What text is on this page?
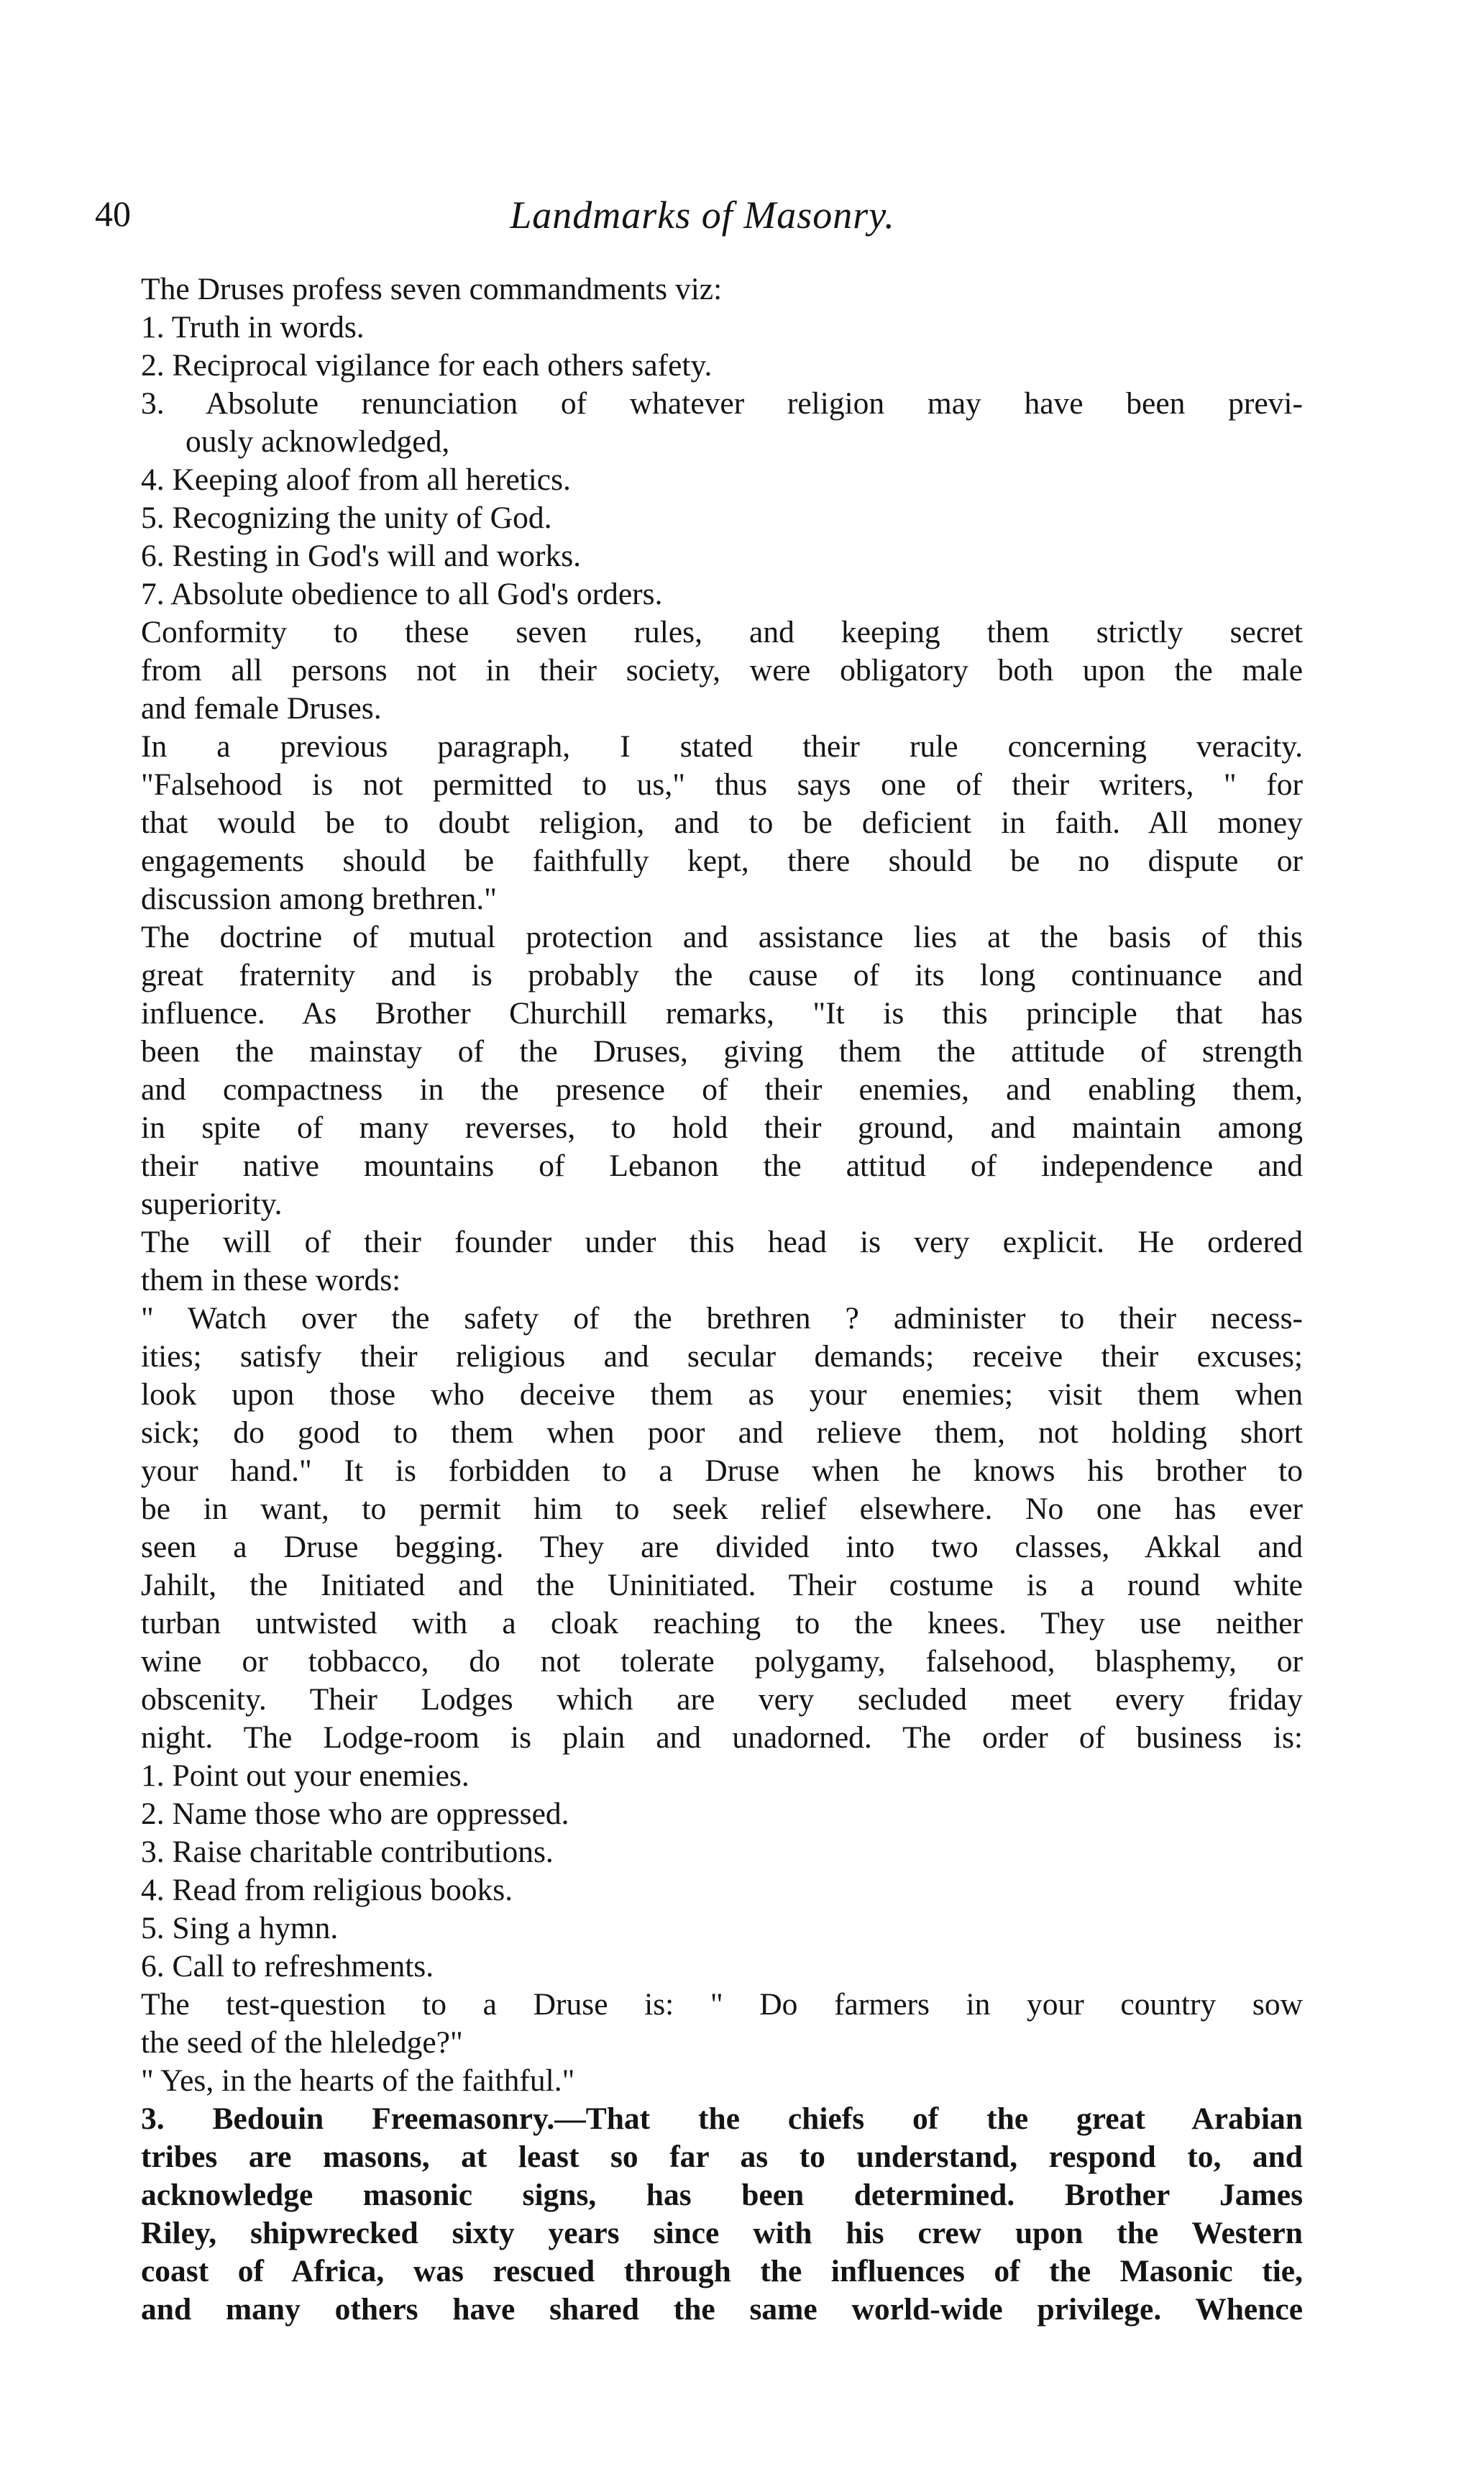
40	Landmarks of Masonry.
The Druses profess seven commandments viz:
1. Truth in words.
2. Reciprocal vigilance for each others safety.
3. Absolute renunciation of whatever religion may have been previ-
ously acknowledged,
4. Keeping aloof from all heretics.
5. Recognizing the unity of God.
6. Resting in God's will and works.
7. Absolute obedience to all God's orders.
Conformity to these seven rules, and keeping them strictly secret
from all persons not in their society, were obligatory both upon the male
and female Druses.
In a previous paragraph, I stated their rule concerning veracity.
"Falsehood is not permitted to us," thus says one of their writers, " for
that would be to doubt religion, and to be deficient in faith. All money
engagements should be faithfully kept, there should be no dispute or
discussion among brethren."
The doctrine of mutual protection and assistance lies at the basis of this
great fraternity and is probably the cause of its long continuance and
influence. As Brother Churchill remarks, "It is this principle that has
been the mainstay of the Druses, giving them the attitude of strength
and compactness in the presence of their enemies, and enabling them,
in spite of many reverses, to hold their ground, and maintain among
their native mountains of Lebanon the attitud of independence and
superiority.
The will of their founder under this head is very explicit. He ordered
them in these words:
" Watch over the safety of the brethren ? administer to their necess-
ities; satisfy their religious and secular demands; receive their excuses;
look upon those who deceive them as your enemies; visit them when
sick; do good to them when poor and relieve them, not holding short
your hand." It is forbidden to a Druse when he knows his brother to
be in want, to permit him to seek relief elsewhere. No one has ever
seen a Druse begging. They are divided into two classes, Akkal and
Jahilt, the Initiated and the Uninitiated. Their costume is a round white
turban untwisted with a cloak reaching to the knees. They use neither
wine or tobbacco, do not tolerate polygamy, falsehood, blasphemy, or
obscenity. Their Lodges which are very secluded meet every friday
night. The Lodge-room is plain and unadorned. The order of business is:
1. Point out your enemies.
2. Name those who are oppressed.
3. Raise charitable contributions.
4. Read from religious books.
5. Sing a hymn.
6. Call to refreshments.
The test-question to a Druse is: " Do farmers in your country sow
the seed of the hleledge?"
" Yes, in the hearts of the faithful."
3. Bedouin Freemasonry.—That the chiefs of the great Arabian
tribes are masons, at least so far as to understand, respond to, and
acknowledge masonic signs, has been determined. Brother James
Riley, shipwrecked sixty years since with his crew upon the Western
coast of Africa, was rescued through the influences of the Masonic tie,
and many others have shared the same world-wide privilege. Whence
